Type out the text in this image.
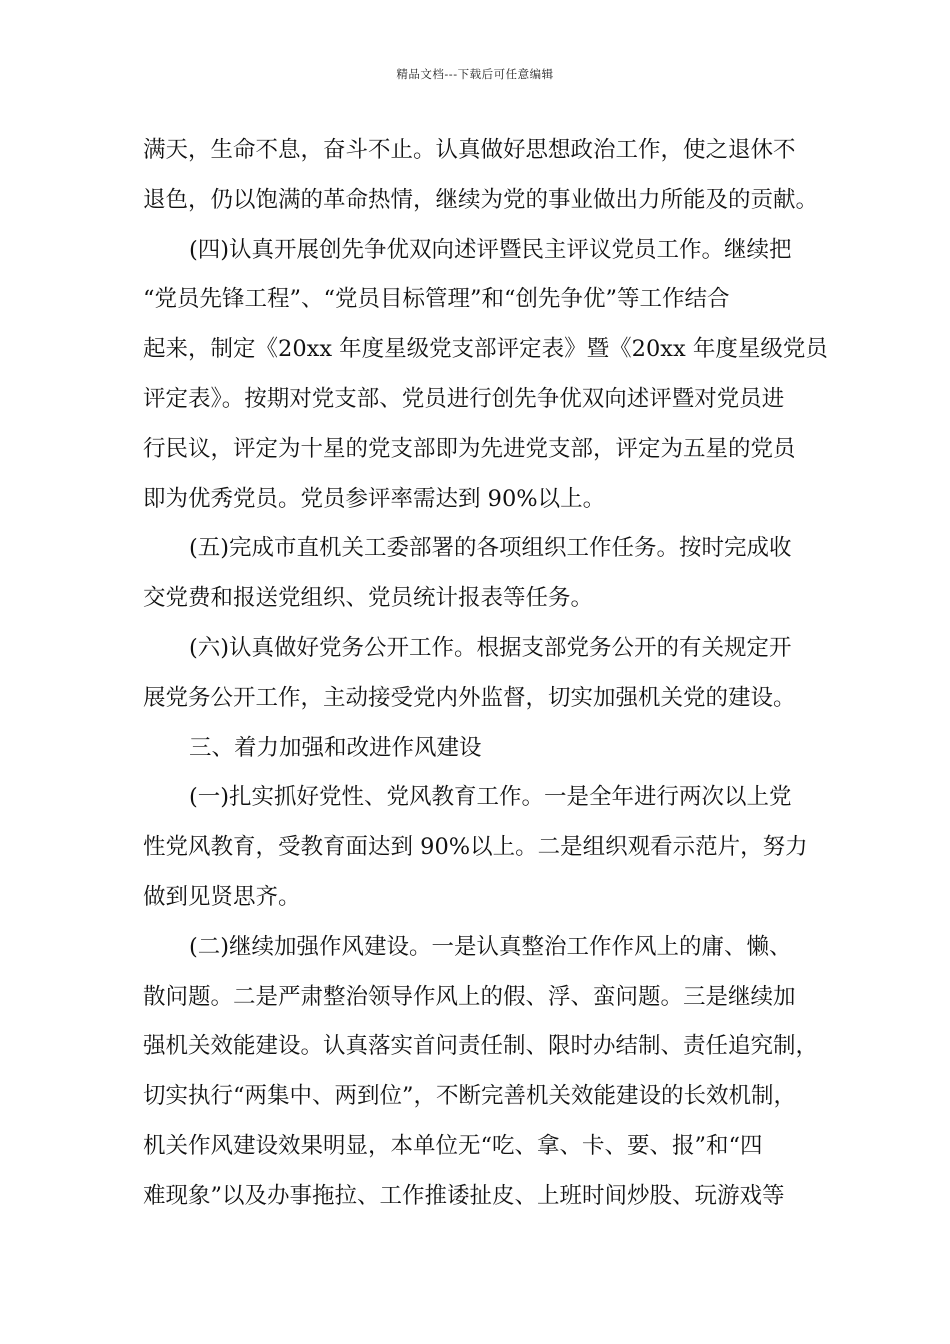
精品文档---下载后可任意编辑
满天，生命不息，奋斗不止。认真做好思想政治工作，使之退休不
退色，仍以饱满的革命热情，继续为党的事业做出力所能及的贡献。
(四)认真开展创先争优双向述评暨民主评议党员工作。继续把
“党员先锋工程”、“党员目标管理”和“创先争优”等工作结合
起来，制定《20xx 年度星级党支部评定表》暨《20xx 年度星级党员
评定表》。按期对党支部、党员进行创先争优双向述评暨对党员进
行民议，评定为十星的党支部即为先进党支部，评定为五星的党员
即为优秀党员。党员参评率需达到 90%以上。
(五)完成市直机关工委部署的各项组织工作任务。按时完成收
交党费和报送党组织、党员统计报表等任务。
(六)认真做好党务公开工作。根据支部党务公开的有关规定开
展党务公开工作，主动接受党内外监督，切实加强机关党的建设。
三、着力加强和改进作风建设
(一)扎实抓好党性、党风教育工作。一是全年进行两次以上党
性党风教育，受教育面达到 90%以上。二是组织观看示范片，努力
做到见贤思齐。
(二)继续加强作风建设。一是认真整治工作作风上的庸、懒、
散问题。二是严肃整治领导作风上的假、浮、蛮问题。三是继续加
强机关效能建设。认真落实首问责任制、限时办结制、责任追究制，
切实执行“两集中、两到位”，不断完善机关效能建设的长效机制，
机关作风建设效果明显，本单位无“吃、拿、卡、要、报”和“四
难现象”以及办事拖拉、工作推诿扯皮、上班时间炒股、玩游戏等
